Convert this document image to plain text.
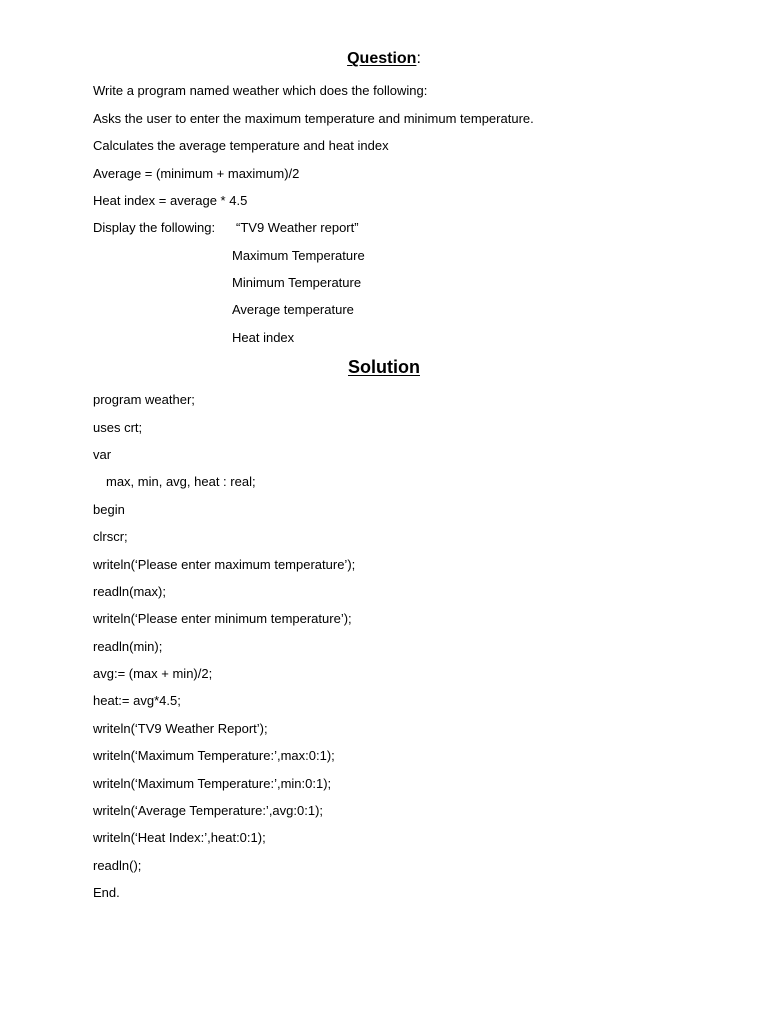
Question:
Write a program named weather which does the following:
Asks the user to enter the maximum temperature and minimum temperature.
Calculates the average temperature and heat index
Average = (minimum + maximum)/2
Heat index = average * 4.5
Display the following: “TV9 Weather report”
Maximum Temperature
Minimum Temperature
Average temperature
Heat index
Solution
program weather;
uses crt;
var
max, min, avg, heat : real;
begin
clrscr;
writeln(‘Please enter maximum temperature’);
readln(max);
writeln(‘Please enter minimum temperature’);
readln(min);
avg:= (max + min)/2;
heat:= avg*4.5;
writeln(‘TV9 Weather Report’);
writeln(‘Maximum Temperature:’,max:0:1);
writeln(‘Maximum Temperature:’,min:0:1);
writeln(‘Average Temperature:’,avg:0:1);
writeln(‘Heat Index:’,heat:0:1);
readln();
End.
